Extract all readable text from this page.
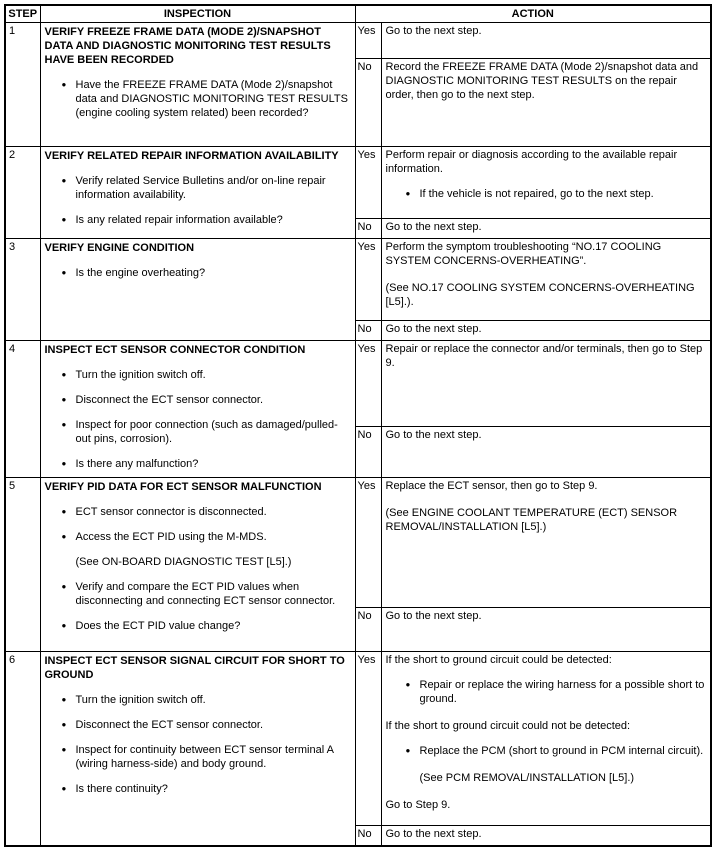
STEP	INSPECTION	ACTION	
1	VERIFY FREEZE FRAME DATA (MODE 2)/SNAPSHOT DATA AND DIAGNOSTIC MONITORING TEST RESULTS HAVE BEEN RECORDED
● Have the FREEZE FRAME DATA (Mode 2)/snapshot data and DIAGNOSTIC MONITORING TEST RESULTS (engine cooling system related) been recorded?	Yes	Go to the next step.

		No	Record the FREEZE FRAME DATA (Mode 2)/snapshot data and DIAGNOSTIC MONITORING TEST RESULTS on the repair order, then go to the next step.

2	VERIFY RELATED REPAIR INFORMATION AVAILABILITY
● Verify related Service Bulletins and/or on-line repair information availability.
● Is any related repair information available?
	Yes	Perform repair or diagnosis according to the available repair information.
● If the vehicle is not repaired, go to the next step.

		No	Go to the next step.

3	VERIFY ENGINE CONDITION
● Is the engine overheating?
	Yes	Perform the symptom troubleshooting “NO.17 COOLING SYSTEM CONCERNS-OVERHEATING”.
(See NO.17 COOLING SYSTEM CONCERNS-OVERHEATING [L5].).

		No	Go to the next step.

4	INSPECT ECT SENSOR CONNECTOR CONDITION
● Turn the ignition switch off.
● Disconnect the ECT sensor connector.
● Inspect for poor connection (such as damaged/pulled-out pins, corrosion).
● Is there any malfunction?
	Yes	Repair or replace the connector and/or terminals, then go to Step 9.

		No	Go to the next step.

5	VERIFY PID DATA FOR ECT SENSOR MALFUNCTION
● ECT sensor connector is disconnected.
● Access the ECT PID using the M-MDS.
(See ON-BOARD DIAGNOSTIC TEST [L5].)
● Verify and compare the ECT PID values when disconnecting and connecting ECT sensor connector.
● Does the ECT PID value change?
	Yes	Replace the ECT sensor, then go to Step 9.
(See ENGINE COOLANT TEMPERATURE (ECT) SENSOR REMOVAL/INSTALLATION [L5].)

		No	Go to the next step.

6	INSPECT ECT SENSOR SIGNAL CIRCUIT FOR SHORT TO GROUND
● Turn the ignition switch off.
● Disconnect the ECT sensor connector.
● Inspect for continuity between ECT sensor terminal A (wiring harness-side) and body ground.
● Is there continuity?
	Yes	If the short to ground circuit could be detected:
● Repair or replace the wiring harness for a possible short to ground.
If the short to ground circuit could not be detected:
● Replace the PCM (short to ground in PCM internal circuit).
(See PCM REMOVAL/INSTALLATION [L5].)
Go to Step 9.

		No	Go to the next step.
